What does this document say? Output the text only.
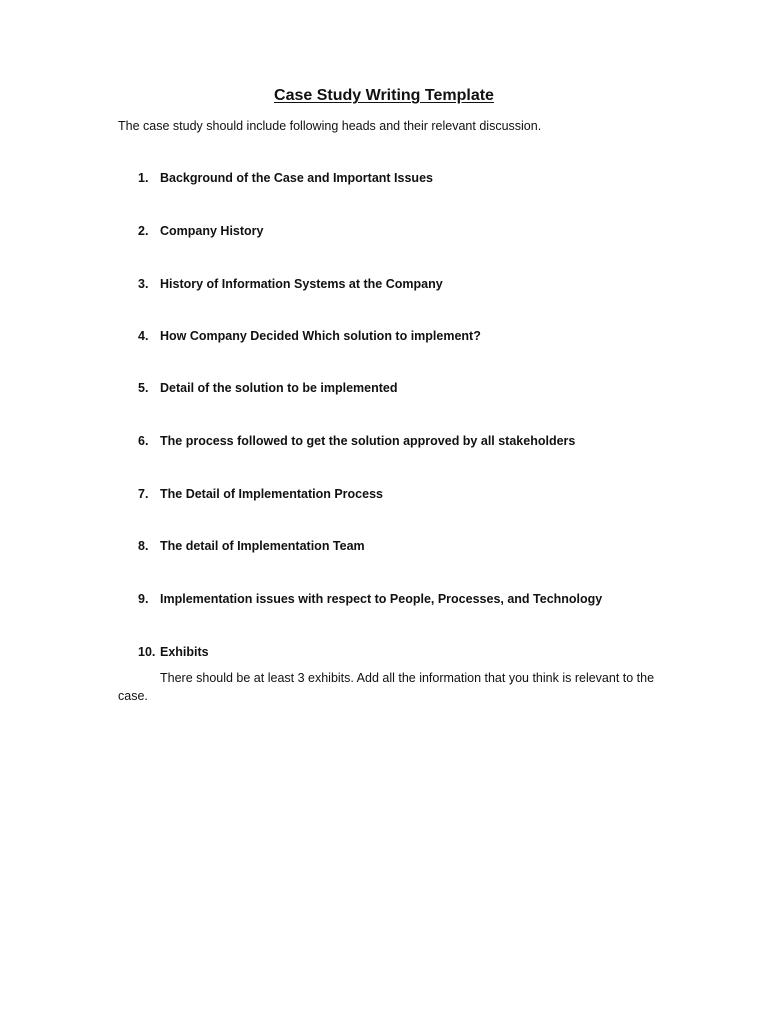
Case Study Writing Template
The case study should include following heads and their relevant discussion.
1. Background of the Case and Important Issues
2. Company History
3. History of Information Systems at the Company
4. How Company Decided Which solution to implement?
5. Detail of the solution to be implemented
6. The process followed to get the solution approved by all stakeholders
7. The Detail of Implementation Process
8. The detail of Implementation Team
9. Implementation issues with respect to People, Processes, and Technology
10. Exhibits
There should be at least 3 exhibits. Add all the information that you think is relevant to the case.
